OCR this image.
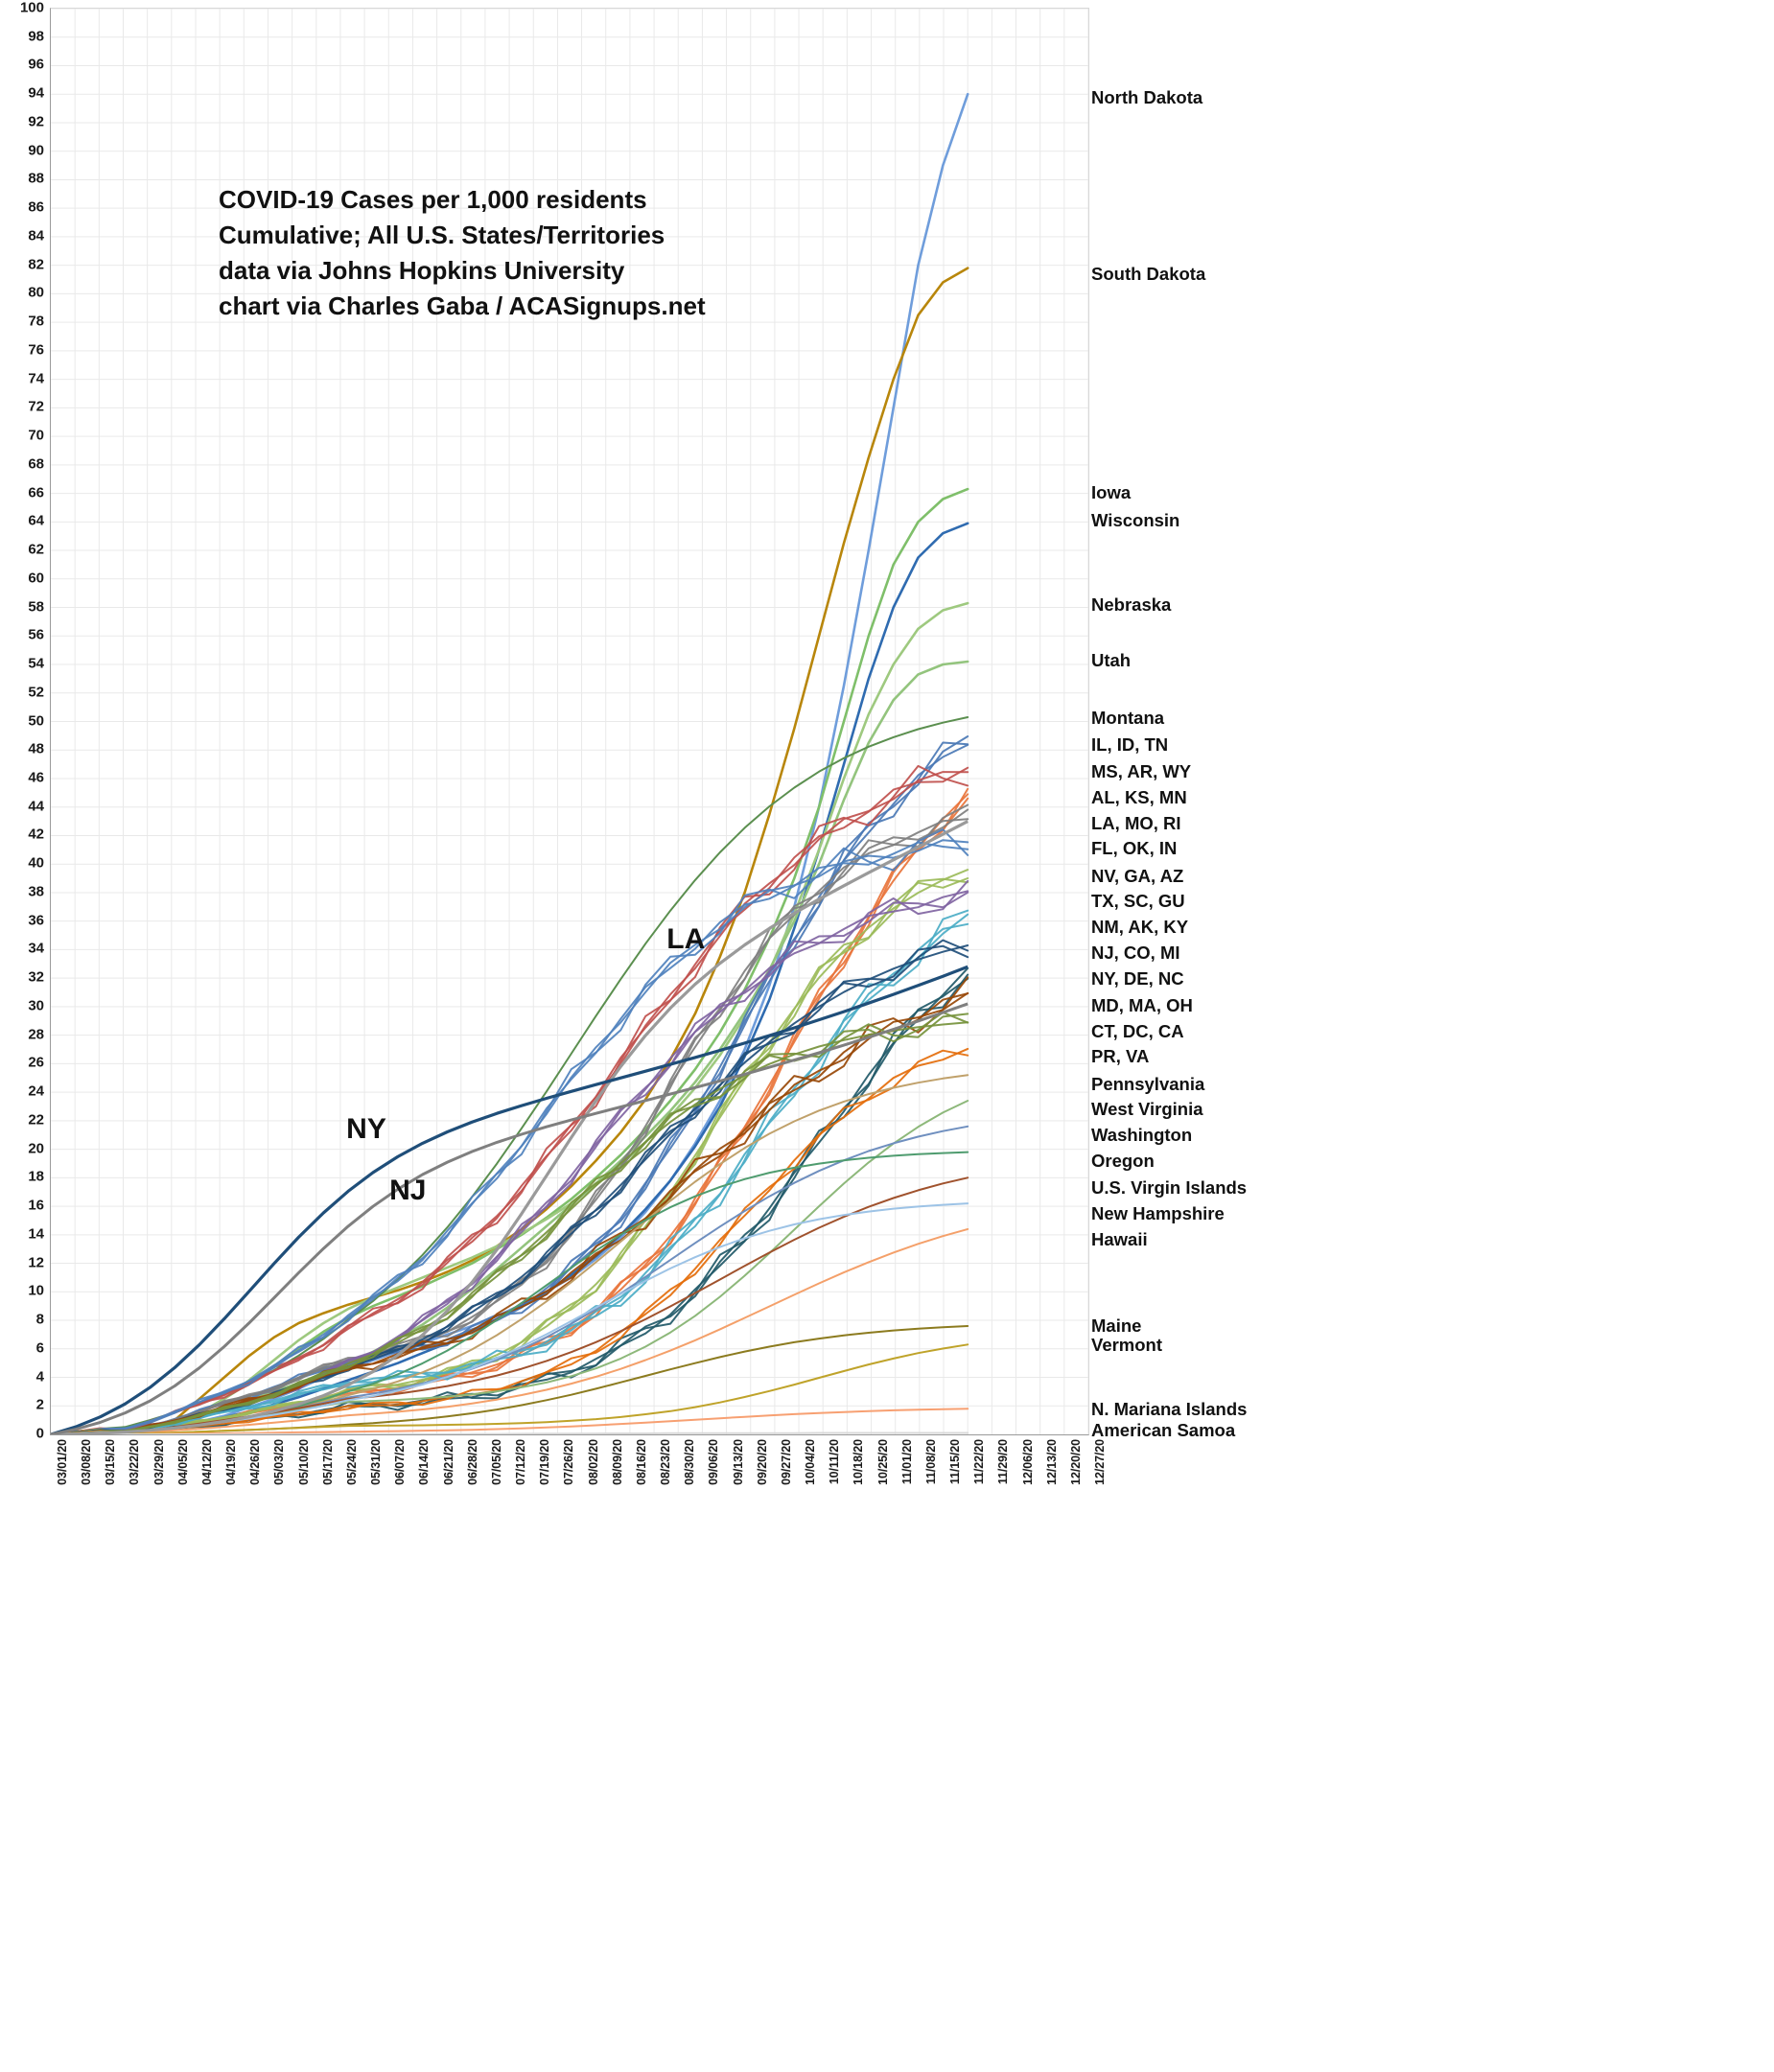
0
2
4
6
8
10
12
14
16
18
20
22
24
26
28
30
32
34
36
38
40
42
44
46
48
50
52
54
56
58
60
62
64
66
68
70
72
74
76
78
80
82
84
86
88
90
92
94
96
98
100
03/01/20 03/08/20 03/15/20 03/22/20 03/29/20 04/05/20 04/12/20 04/19/20 04/26/20 05/03/20 05/10/20 05/17/20 05/24/20 05/31/20 06/07/20 06/14/20 06/21/20 06/28/20 07/05/20 07/12/20 07/19/20 07/26/20 08/02/20 08/09/20 08/16/20 08/23/20 08/30/20 09/06/20 09/13/20 09/20/20 09/27/20 10/04/20 10/11/20 10/18/20 10/25/20 11/01/20 11/08/20 11/15/20 11/22/20 11/29/20 12/06/20 12/13/20 12/20/20 12/27/20
North Dakota
South Dakota
Iowa
Wisconsin
Nebraska
Utah
Montana
IL, ID, TN
MS, AR, WY
AL, KS, MN
LA, MO, RI
FL, OK, IN
NV, GA, AZ
TX, SC, GU
NM, AK, KY
NJ, CO, MI
NY, DE, NC
MD, MA, OH
CT, DC, CA
PR, VA
Pennsylvania
West Virginia
Washington
Oregon
U.S. Virgin Islands
New Hampshire
Hawaii
Maine
Vermont
N. Mariana Islands
American Samoa
COVID-19 Cases per 1,000 residents
Cumulative; All U.S. States/Territories
data via Johns Hopkins University
chart via Charles Gaba / ACASignups.net
LA
NY
NJ
